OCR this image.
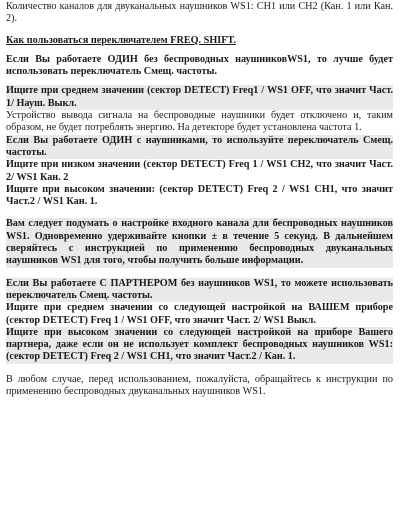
Количество каналов для двуканальных наушников WS1: CH1 или CH2 (Кан. 1 или Кан. 2).

Как пользоваться переключателем FREQ. SHIFT.

Если Вы работаете ОДИН без беспроводных наушниковWS1, то лучше будет использовать переключатель Смещ. частоты.

Ищите при среднем значении (сектор DETECT) Freq1 / WS1 OFF, что значит Част. 1/ Науш. Выкл.

Устройство вывода сигнала на беспроводные наушники будет отключено и, таким образом, не будет потреблять энергию. На детекторе будет установлена частота 1.

Если Вы работаете ОДИН с наушниками, то используйте переключатель Смещ. частоты.

Ищите при низком значении (сектор DETECT) Freq 1 / WS1 CH2, что значит Част. 2/ WS1 Кан. 2

Ищите при высоком значении: (сектор DETECT) Freq 2 / WS1 CH1, что значит Част.2 / WS1 Кан. 1.

Вам следует подумать о настройке входного канала для беспроводных наушников WS1. Одновременно удерживайте кнопки ± в течение 5 секунд. В дальнейшем сверяйтесь с инструкцией по применению беспроводных двуканальных наушников WS1 для того, чтобы получить больше информации.

Если Вы работаете С ПАРТНЕРОМ без наушников WS1, то можете использовать переключатель Смещ. частоты.

Ищите при среднем значении со следующей настройкой на ВАШЕМ приборе (сектор DETECT) Freq 1 / WS1 OFF, что значит Част. 2/ WS1 Выкл.

Ищите при высоком значении со следующей настройкой на приборе Вашего партнера, даже если он не использует комплект беспроводных наушников WS1: (сектор DETECT) Freq 2 / WS1 CH1, что значит Част.2 / Кан. 1.

В любом случае, перед использованием, пожалуйста, обращайтесь к инструкции по применению беспроводных двуканальных наушников WS1.
